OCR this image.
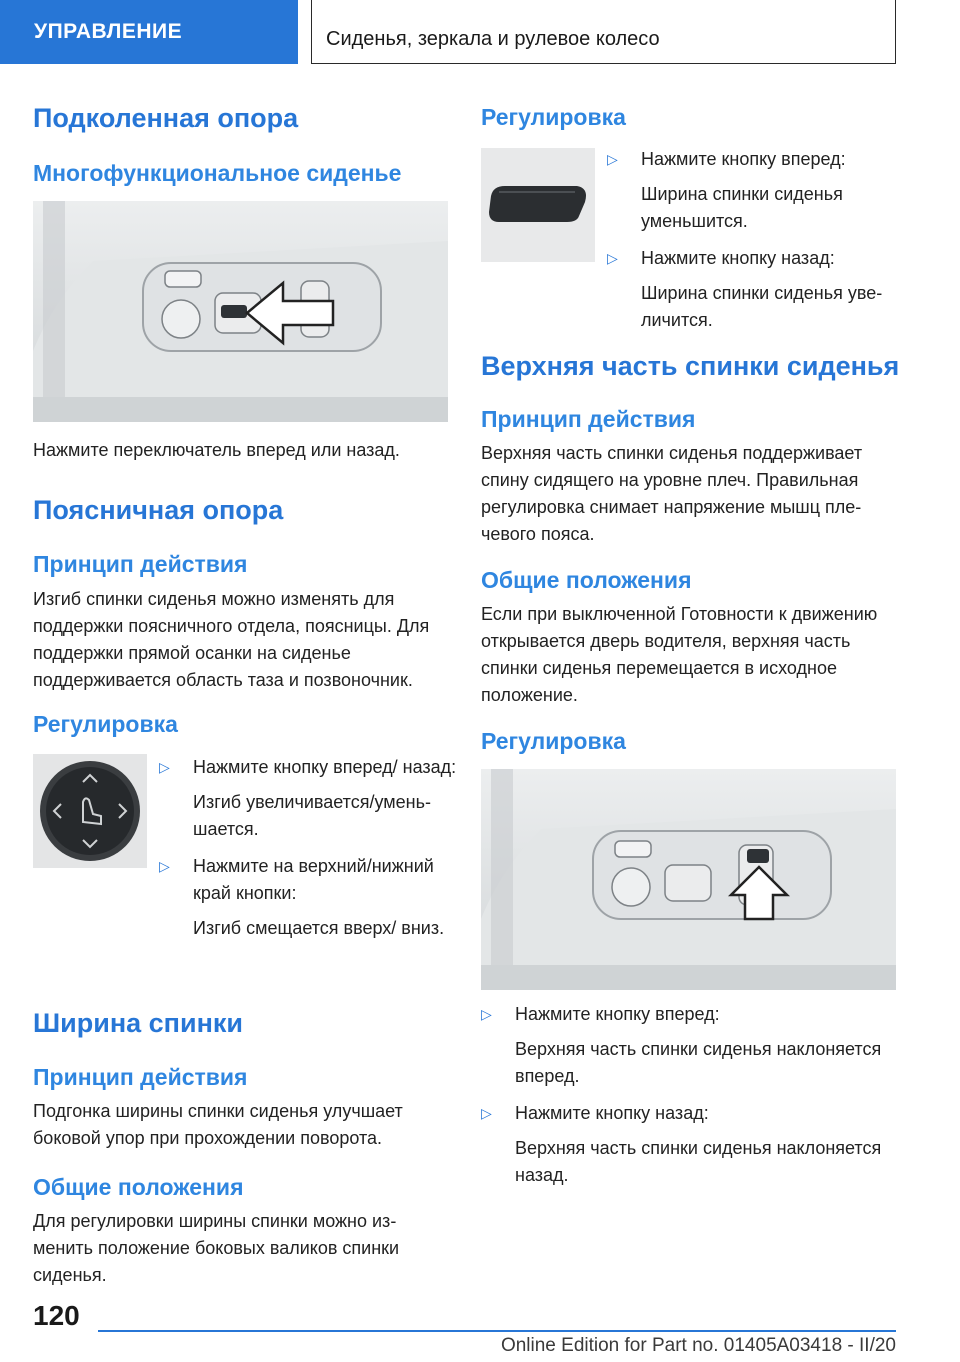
УПРАВЛЕНИЕ	Сиденья, зеркала и рулевое колесо
Подколенная опора
Многофункциональное сиденье
Нажмите переключатель вперед или назад.
Поясничная опора
Принцип действия
Изгиб спинки сиденья можно изменять для поддержки поясничного отдела, поясницы. Для поддержки прямой осанки на сиденье поддерживается область таза и позвоночник.
Регулировка
▷ Нажмите кнопку вперед/ назад:
Изгиб увеличивается/уменьшается.
▷ Нажмите на верхний/нижний край кнопки:
Изгиб смещается вверх/ вниз.
Ширина спинки
Принцип действия
Подгонка ширины спинки сиденья улучшает боковой упор при прохождении поворота.
Общие положения
Для регулировки ширины спинки можно изменить положение боковых валиков спинки сиденья.
Регулировка
▷ Нажмите кнопку вперед:
Ширина спинки сиденья уменьшится.
▷ Нажмите кнопку назад:
Ширина спинки сиденья увеличится.
Верхняя часть спинки сиденья
Принцип действия
Верхняя часть спинки сиденья поддерживает спину сидящего на уровне плеч. Правильная регулировка снимает напряжение мышц плечевого пояса.
Общие положения
Если при выключенной Готовности к движению открывается дверь водителя, верхняя часть спинки сиденья перемещается в исходное положение.
Регулировка
▷ Нажмите кнопку вперед:
Верхняя часть спинки сиденья наклоняется вперед.
▷ Нажмите кнопку назад:
Верхняя часть спинки сиденья наклоняется назад.
120
Online Edition for Part no. 01405A03418 - II/20
